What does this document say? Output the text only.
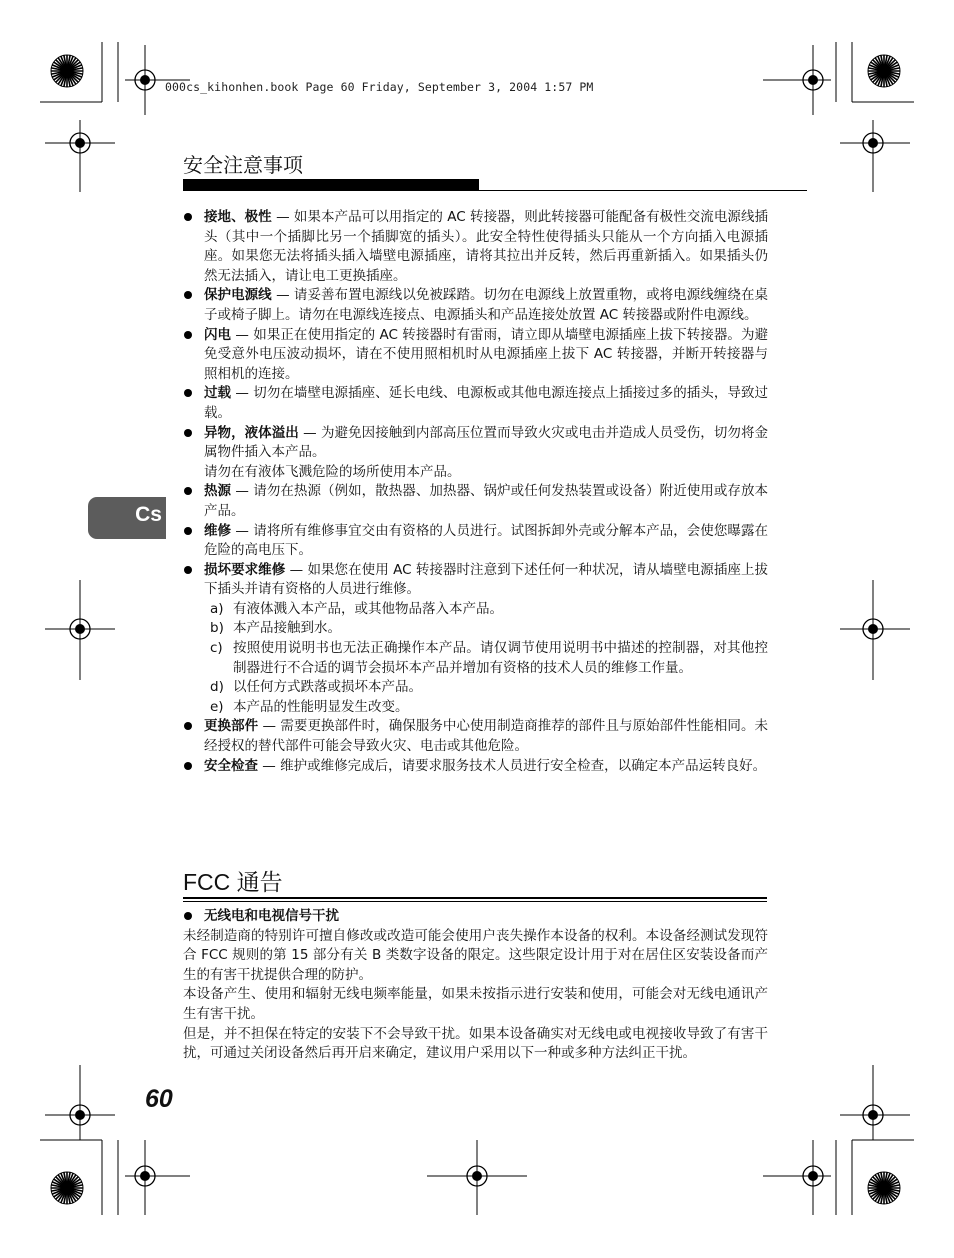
000cs_kihonhen.book Page 60 Friday, September 3, 2004 1:57 PM
安全注意事项
Cs
接地、极性 — 如果本产品可以用指定的 AC 转接器，则此转接器可能配备有极性交流电源线插头（其中一个插脚比另一个插脚宽的插头）。此安全特性使得插头只能从一个方向插入电源插座。如果您无法将插头插入墙壁电源插座，请将其拉出并反转，然后再重新插入。如果插头仍然无法插入，请让电工更换插座。
保护电源线 — 请妥善布置电源线以免被踩踏。切勿在电源线上放置重物，或将电源线缠绕在桌子或椅子脚上。请勿在电源线连接点、电源插头和产品连接处放置 AC 转接器或附件电源线。
闪电 — 如果正在使用指定的 AC 转接器时有雷雨，请立即从墙壁电源插座上拔下转接器。为避免受意外电压波动损坏，请在不使用照相机时从电源插座上拔下 AC 转接器，并断开转接器与照相机的连接。
过载 — 切勿在墙壁电源插座、延长电线、电源板或其他电源连接点上插接过多的插头，导致过载。
异物，液体溢出 — 为避免因接触到内部高压位置而导致火灾或电击并造成人员受伤，切勿将金属物件插入本产品。

请勿在有液体飞溅危险的场所使用本产品。

热源 — 请勿在热源（例如，散热器、加热器、锅炉或任何发热装置或设备）附近使用或存放本产品。
维修 — 请将所有维修事宜交由有资格的人员进行。试图拆卸外壳或分解本产品，会使您曝露在危险的高电压下。
损坏要求维修 — 如果您在使用 AC 转接器时注意到下述任何一种状况，请从墙壁电源插座上拔下插头并请有资格的人员进行维修。
a) 有液体溅入本产品，或其他物品落入本产品。
b) 本产品接触到水。
c) 按照使用说明书也无法正确操作本产品。请仅调节使用说明书中描述的控制器，对其他控制器进行不合适的调节会损坏本产品并增加有资格的技术人员的维修工作量。
d) 以任何方式跌落或损坏本产品。
e) 本产品的性能明显发生改变。
更换部件 — 需要更换部件时，确保服务中心使用制造商推荐的部件且与原始部件性能相同。未经授权的替代部件可能会导致火灾、电击或其他危险。
安全检查 — 维护或维修完成后，请要求服务技术人员进行安全检查，以确定本产品运转良好。
FCC 通告
无线电和电视信号干扰

未经制造商的特别许可擅自修改或改造可能会使用户丧失操作本设备的权利。本设备经测试发现符合 FCC 规则的第 15 部分有关 B 类数字设备的限定。这些限定设计用于对在居住区安装设备而产生的有害干扰提供合理的防护。

本设备产生、使用和辐射无线电频率能量，如果未按指示进行安装和使用，可能会对无线电通讯产生有害干扰。

但是，并不担保在特定的安装下不会导致干扰。如果本设备确实对无线电或电视接收导致了有害干扰，可通过关闭设备然后再开启来确定，建议用户采用以下一种或多种方法纠正干扰。

60
